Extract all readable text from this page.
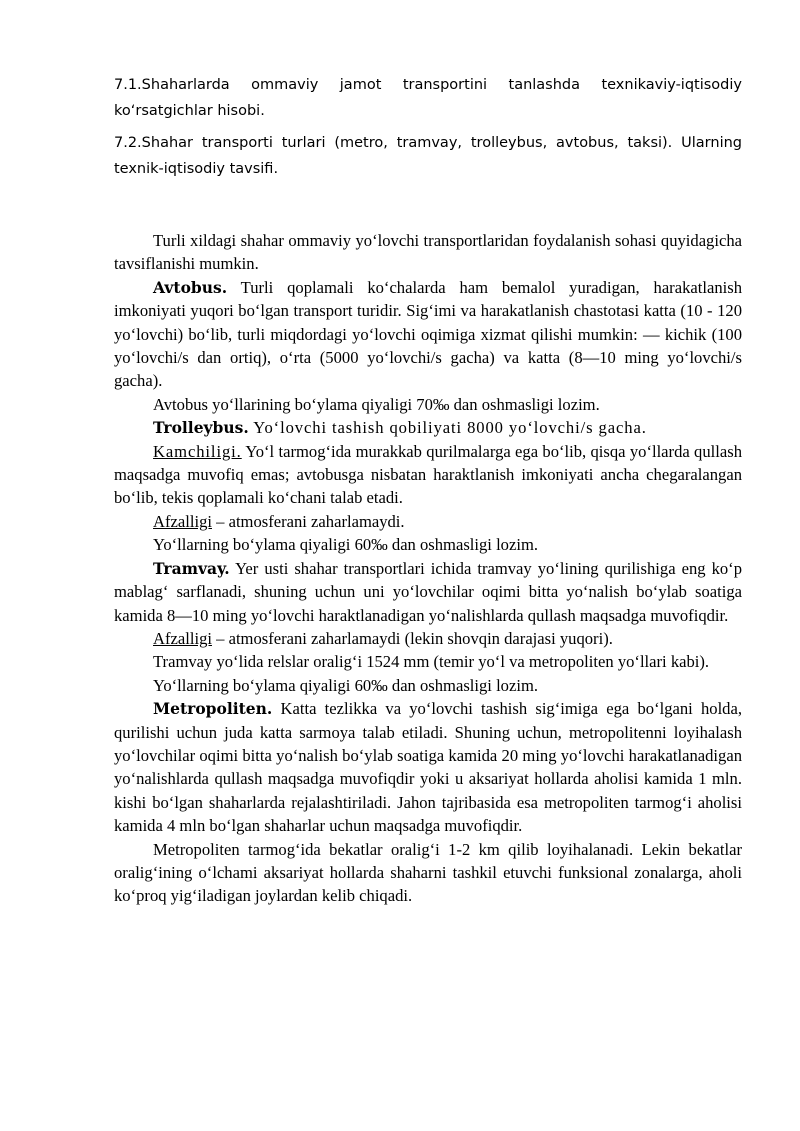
7.1.Shaharlarda ommaviy jamot transportini tanlashda texnikaviy-iqtisodiy ko‘rsatgichlar hisobi.

7.2.Shahar transporti turlari (metro, tramvay, trolleybus, avtobus, taksi). Ularning texnik-iqtisodiy tavsifi.

Turli xildagi shahar ommaviy yo‘lovchi transportlaridan foydalanish sohasi quyidagicha tavsiflanishi mumkin.

Avtobus. Turli qoplamali ko‘chalarda ham bemalol yuradigan, harakatlanish imkoniyati yuqori bo‘lgan transport turidir. Sig‘imi va harakatlanish chastotasi katta (10 - 120 yo‘lovchi) bo‘lib, turli miqdordagi yo‘lovchi oqimiga xizmat qilishi mumkin: — kichik (100 yo‘lovchi/s dan ortiq), o‘rta (5000 yo‘lovchi/s gacha) va katta (8—10 ming yo‘lovchi/s gacha).

Avtobus yo‘llarining bo‘ylama qiyaligi 70‰ dan oshmasligi lozim.

Trolleybus. Yo‘lovchi tashish qobiliyati 8000 yo‘lovchi/s gacha.

Kamchiligi. Yo‘l tarmog‘ida murakkab qurilmalarga ega bo‘lib, qisqa yo‘llarda qullash maqsadga muvofiq emas; avtobusga nisbatan haraktlanish imkoniyati ancha chegaralangan bo‘lib, tekis qoplamali ko‘chani talab etadi.

Afzalligi – atmosferani zaharlamaydi.

Yo‘llarning bo‘ylama qiyaligi 60‰ dan oshmasligi lozim.

Tramvay. Yer usti shahar transportlari ichida tramvay yo‘lining qurilishiga eng ko‘p mablag‘ sarflanadi, shuning uchun uni yo‘lovchilar oqimi bitta yo‘nalish bo‘ylab soatiga kamida 8—10 ming yo‘lovchi haraktlanadigan yo‘nalishlarda qullash maqsadga muvofiqdir.

Afzalligi – atmosferani zaharlamaydi (lekin shovqin darajasi yuqori).

Tramvay yo‘lida relslar oralig‘i 1524 mm (temir yo‘l va metropoliten yo‘llari kabi).

Yo‘llarning bo‘ylama qiyaligi 60‰ dan oshmasligi lozim.

Metropoliten. Katta tezlikka va yo‘lovchi tashish sig‘imiga ega bo‘lgani holda, qurilishi uchun juda katta sarmoya talab etiladi. Shuning uchun, metropolitenni loyihalash yo‘lovchilar oqimi bitta yo‘nalish bo‘ylab soatiga kamida 20 ming yo‘lovchi harakatlanadigan yo‘nalishlarda qullash maqsadga muvofiqdir yoki u aksariyat hollarda aholisi kamida 1 mln. kishi bo‘lgan shaharlarda rejalashtiriladi. Jahon tajribasida esa metropoliten tarmog‘i aholisi kamida 4 mln bo‘lgan shaharlar uchun maqsadga muvofiqdir.

Metropoliten tarmog‘ida bekatlar oralig‘i 1-2 km qilib loyihalanadi. Lekin bekatlar oralig‘ining o‘lchami aksariyat hollarda shaharni tashkil etuvchi funksional zonalarga, aholi ko‘proq yig‘iladigan joylardan kelib chiqadi.
